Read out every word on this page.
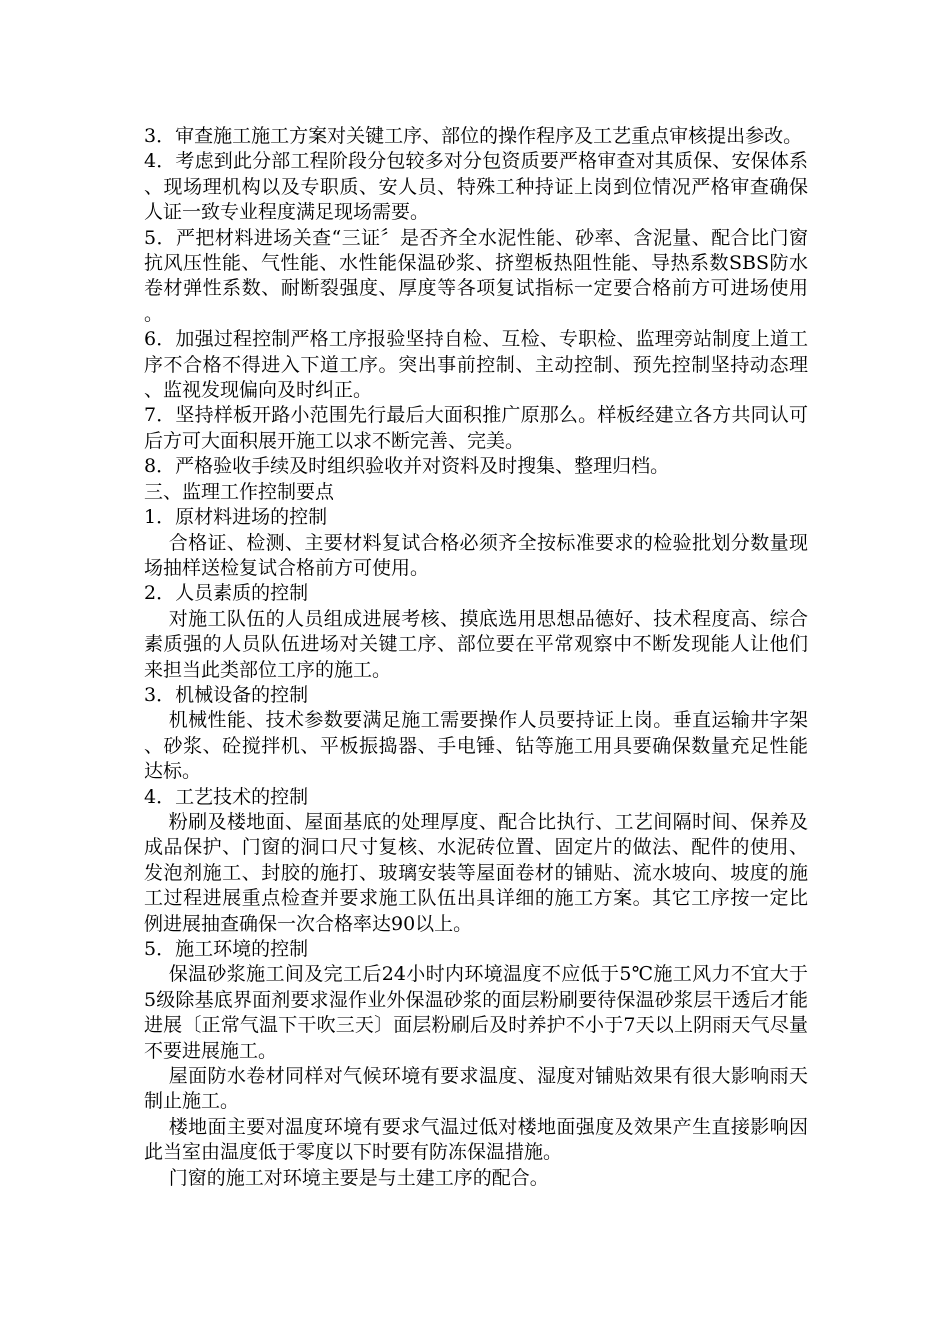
3．审查施工施工方案对关键工序、部位的操作程序及工艺重点审核提出参改。

4．考虑到此分部工程阶段分包较多对分包资质要严格审查对其质保、安保体系、现场理机构以及专职质、安人员、特殊工种持证上岗到位情况严格审查确保人证一致专业程度满足现场需要。

5．严把材料进场关查“三证〞是否齐全水泥性能、砂率、含泥量、配合比门窗抗风压性能、气性能、水性能保温砂浆、挤塑板热阻性能、导热系数SBS防水卷材弹性系数、耐断裂强度、厚度等各项复试指标一定要合格前方可进场使用。

6．加强过程控制严格工序报验坚持自检、互检、专职检、监理旁站制度上道工序不合格不得进入下道工序。突出事前控制、主动控制、预先控制坚持动态理、监视发现偏向及时纠正。

7．坚持样板开路小范围先行最后大面积推广原那么。样板经建立各方共同认可后方可大面积展开施工以求不断完善、完美。

8．严格验收手续及时组织验收并对资料及时搜集、整理归档。

三、监理工作控制要点

1．原材料进场的控制

合格证、检测、主要材料复试合格必须齐全按标准要求的检验批划分数量现场抽样送检复试合格前方可使用。

2．人员素质的控制

对施工队伍的人员组成进展考核、摸底选用思想品德好、技术程度高、综合素质强的人员队伍进场对关键工序、部位要在平常观察中不断发现能人让他们来担当此类部位工序的施工。

3．机械设备的控制

机械性能、技术参数要满足施工需要操作人员要持证上岗。垂直运输井字架、砂浆、砼搅拌机、平板振捣器、手电锤、钻等施工用具要确保数量充足性能达标。

4．工艺技术的控制

粉刷及楼地面、屋面基底的处理厚度、配合比执行、工艺间隔时间、保养及成品保护、门窗的洞口尺寸复核、水泥砖位置、固定片的做法、配件的使用、发泡剂施工、封胶的施打、玻璃安装等屋面卷材的铺贴、流水坡向、坡度的施工过程进展重点检查并要求施工队伍出具详细的施工方案。其它工序按一定比例进展抽查确保一次合格率达90以上。

5．施工环境的控制

保温砂浆施工间及完工后24小时内环境温度不应低于5℃施工风力不宜大于5级除基底界面剂要求湿作业外保温砂浆的面层粉刷要待保温砂浆层干透后才能进展〔正常气温下干吹三天〕面层粉刷后及时养护不小于7天以上阴雨天气尽量不要进展施工。

屋面防水卷材同样对气候环境有要求温度、湿度对铺贴效果有很大影响雨天制止施工。

楼地面主要对温度环境有要求气温过低对楼地面强度及效果产生直接影响因此当室由温度低于零度以下时要有防冻保温措施。

门窗的施工对环境主要是与土建工序的配合。
